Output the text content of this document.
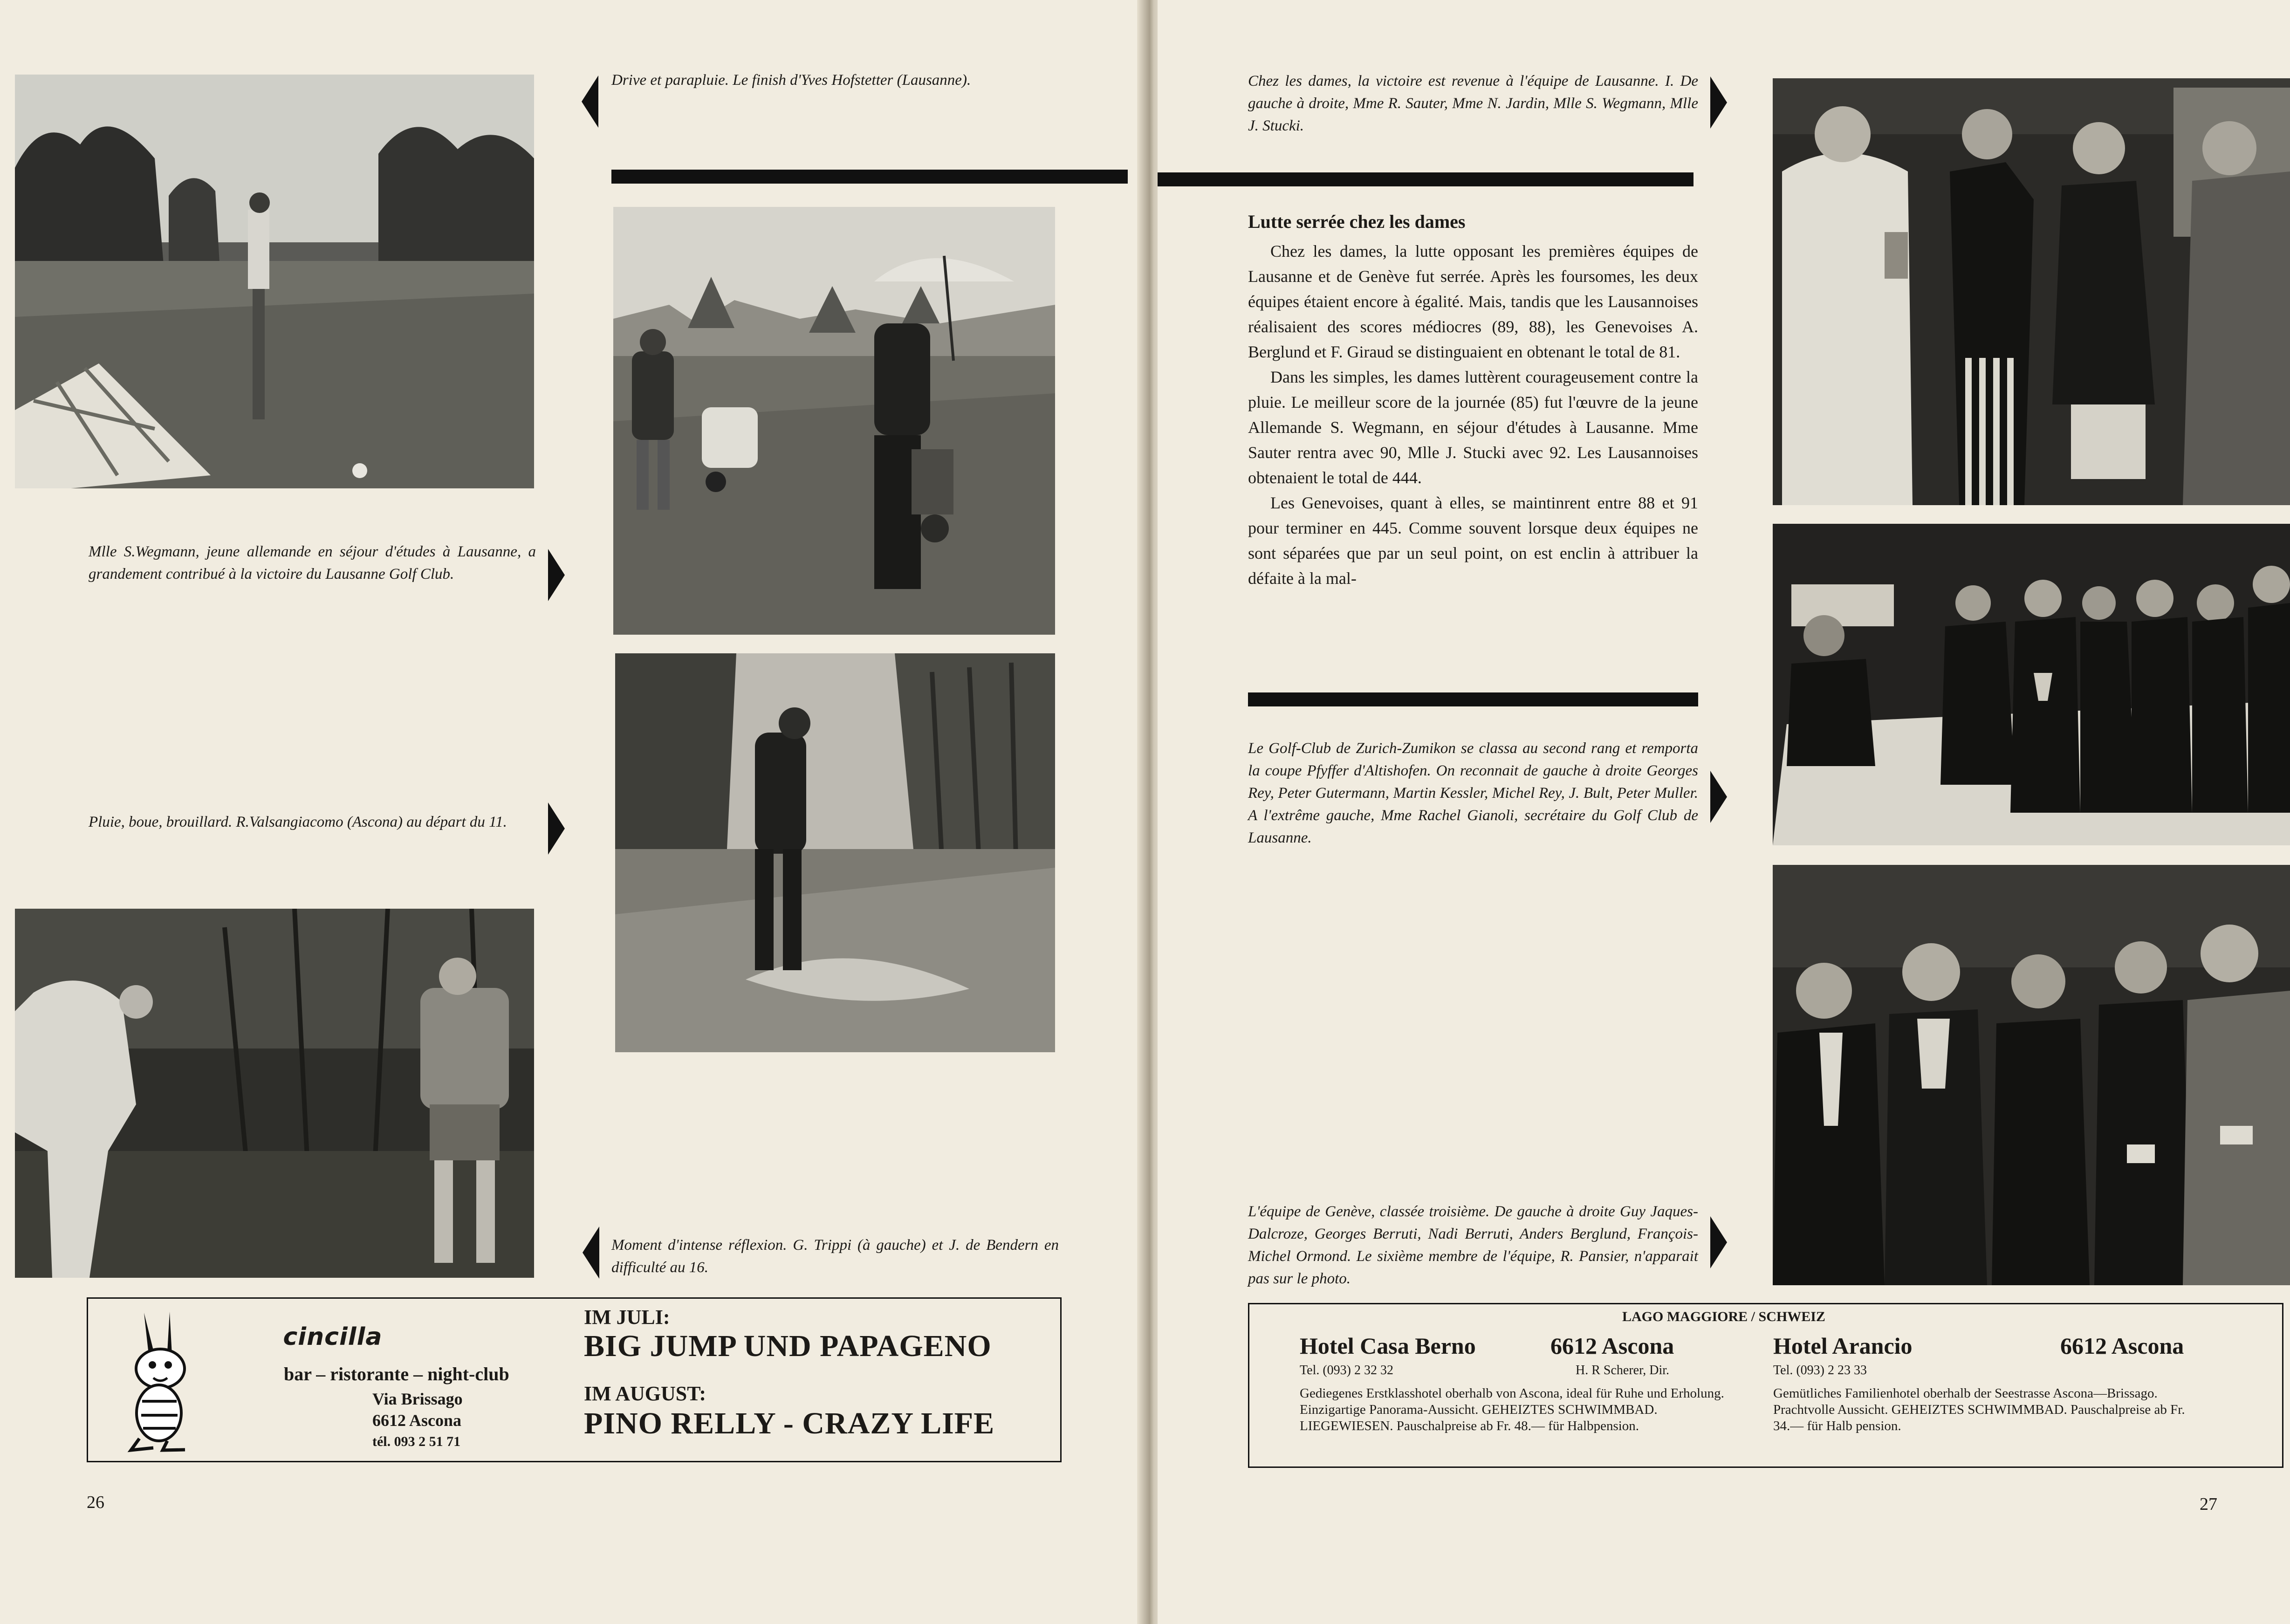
Mlle S.Wegmann, jeune allemande en séjour d'études à Lausanne, a grandement contribué à la victoire du Lausanne Golf Club.
Pluie, boue, brouillard. R.Valsangiacomo (Ascona) au départ du 11.
Drive et parapluie. Le finish d'Yves Hofstetter (Lausanne).
Moment d'intense réflexion. G. Trippi (à gauche) et J. de Bendern en difficulté au 16.
cincilla
bar – ristorante – night-club
Via Brissago
6612 Ascona
tél. 093 2 51 71
IM JULI:
BIG JUMP UND PAPAGENO
IM AUGUST:
PINO RELLY - CRAZY LIFE
26
Chez les dames, la victoire est revenue à l'équipe de Lausanne. I. De gauche à droite, Mme R. Sauter, Mme N. Jardin, Mlle S. Wegmann, Mlle J. Stucki.
Lutte serrée chez les dames

Chez les dames, la lutte opposant les premières équipes de Lausanne et de Genève fut serrée. Après les foursomes, les deux équipes étaient encore à égalité. Mais, tandis que les Lausannoises réalisaient des scores médiocres (89, 88), les Genevoises A. Berglund et F. Giraud se distinguaient en obtenant le total de 81.

Dans les simples, les dames luttèrent courageusement contre la pluie. Le meilleur score de la journée (85) fut l'œuvre de la jeune Allemande S. Wegmann, en séjour d'études à Lausanne. Mme Sauter rentra avec 90, Mlle J. Stucki avec 92. Les Lausannoises obtenaient le total de 444.

Les Genevoises, quant à elles, se maintinrent entre 88 et 91 pour terminer en 445. Comme souvent lorsque deux équipes ne sont séparées que par un seul point, on est enclin à attribuer la défaite à la mal-

Le Golf-Club de Zurich-Zumikon se classa au second rang et remporta la coupe Pfyffer d'Altishofen. On reconnait de gauche à droite Georges Rey, Peter Gutermann, Martin Kessler, Michel Rey, J. Bult, Peter Muller. A l'extrême gauche, Mme Rachel Gianoli, secrétaire du Golf Club de Lausanne.
L'équipe de Genève, classée troisième. De gauche à droite Guy Jaques-Dalcroze, Georges Berruti, Nadi Berruti, Anders Berglund, François-Michel Ormond. Le sixième membre de l'équipe, R. Pansier, n'apparait pas sur le photo.
LAGO MAGGIORE / SCHWEIZ
Hotel Casa Berno	6612 Ascona
Tel. (093) 2 32 32	H. R Scherer, Dir.
Gediegenes Erstklasshotel oberhalb von Ascona, ideal für Ruhe und Erholung. Einzigartige Panorama-Aussicht. GEHEIZTES SCHWIMMBAD. LIEGEWIESEN. Pauschalpreise ab Fr. 48.— für Halbpension.
Hotel Arancio	6612 Ascona
Tel. (093) 2 23 33
Gemütliches Familienhotel oberhalb der Seestrasse Ascona—Brissago. Prachtvolle Aussicht. GEHEIZTES SCHWIMMBAD. Pauschalpreise ab Fr. 34.— für Halb pension.
27
